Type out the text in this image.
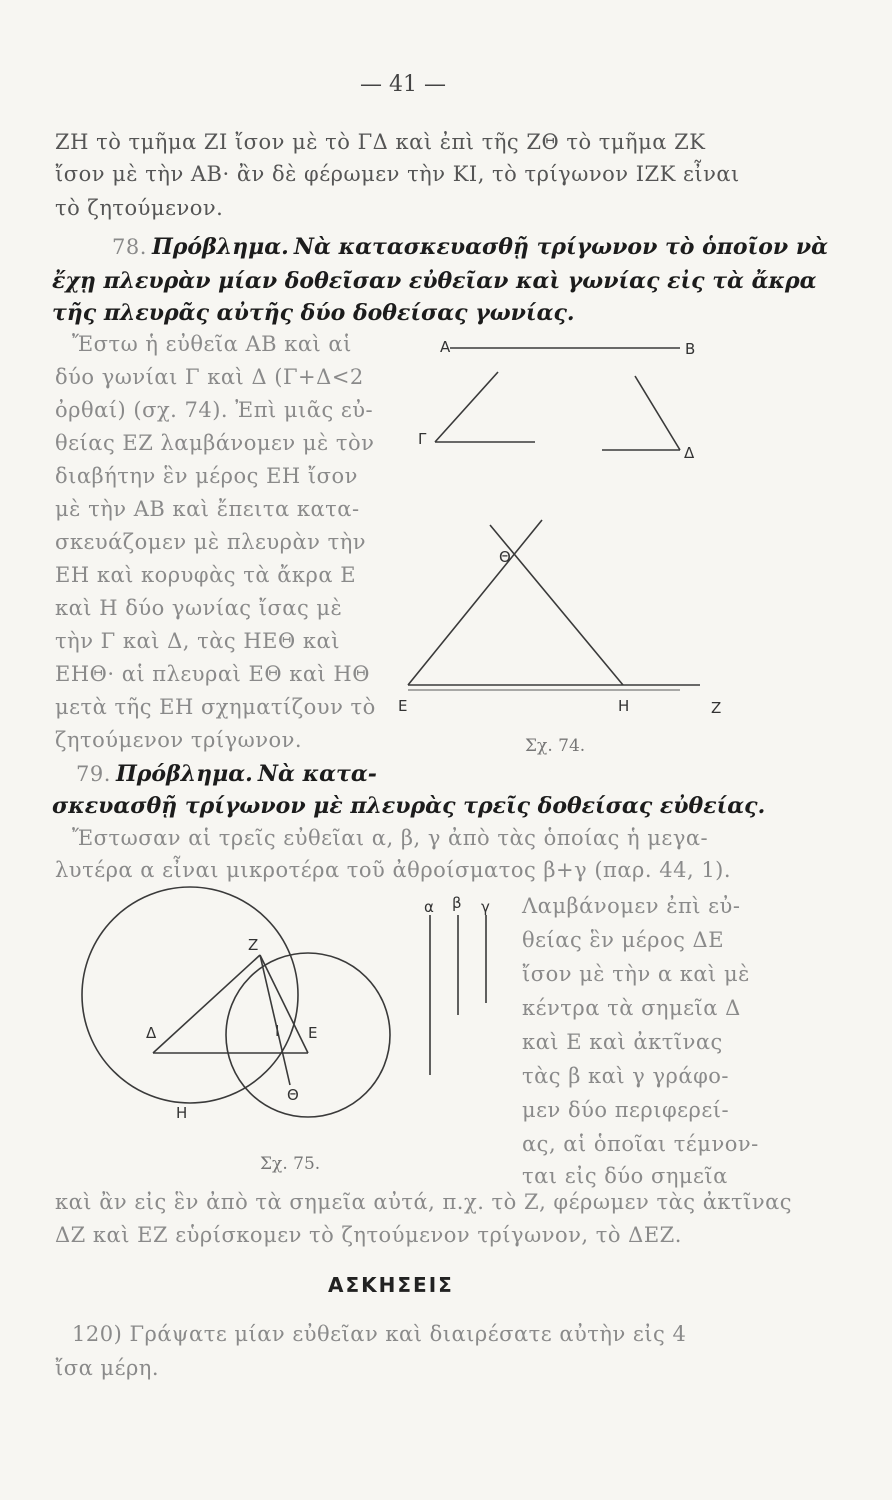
— 41 —
ΖΗ τὸ τμῆμα ΖΙ ἴσον μὲ τὸ ΓΔ καὶ ἐπὶ τῆς ΖΘ τὸ τμῆμα ΖΚ
ἴσον μὲ τὴν ΑΒ· ἂν δὲ φέρωμεν τὴν ΚΙ, τὸ τρίγωνον ΙΖΚ εἶναι
τὸ ζητούμενον.
78. Πρόβλημα. Νὰ κατασκευασθῇ τρίγωνον τὸ ὁποῖον νὰ
ἔχῃ πλευρὰν μίαν δοθεῖσαν εὐθεῖαν καὶ γωνίας εἰς τὰ ἄκρα
τῆς πλευρᾶς αὐτῆς δύο δοθείσας γωνίας.
Ἔστω ἡ εὐθεῖα ΑΒ καὶ αἱ
δύο γωνίαι Γ καὶ Δ (Γ+Δ<2
ὀρθαί) (σχ. 74). Ἐπὶ μιᾶς εὐ-
θείας ΕΖ λαμβάνομεν μὲ τὸν
διαβήτην ἓν μέρος ΕΗ ἴσον
μὲ τὴν ΑΒ καὶ ἔπειτα κατα-
σκευάζομεν μὲ πλευρὰν τὴν
ΕΗ καὶ κορυφὰς τὰ ἄκρα Ε
καὶ Η δύο γωνίας ἴσας μὲ
τὴν Γ καὶ Δ, τὰς ΗΕΘ καὶ
ΕΗΘ· αἱ πλευραὶ ΕΘ καὶ ΗΘ
μετὰ τῆς ΕΗ σχηματίζουν τὸ
ζητούμενον τρίγωνον.
A	B
Γ
Δ
Θ
E	H	Z
Σχ. 74.
79. Πρόβλημα. Νὰ κατα-
σκευασθῇ τρίγωνον μὲ πλευρὰς τρεῖς δοθείσας εὐθείας.
Ἔστωσαν αἱ τρεῖς εὐθεῖαι α, β, γ ἀπὸ τὰς ὁποίας ἡ μεγα-
λυτέρα α εἶναι μικροτέρα τοῦ ἀθροίσματος β+γ (παρ. 44, 1).
Z
Δ	I E
Θ
H
α β γ
Σχ. 75.
Λαμβάνομεν ἐπὶ εὐ-
θείας ἓν μέρος ΔΕ
ἴσον μὲ τὴν α καὶ μὲ
κέντρα τὰ σημεῖα Δ
καὶ Ε καὶ ἀκτῖνας
τὰς β καὶ γ γράφο-
μεν δύο περιφερεί-
ας, αἱ ὁποῖαι τέμνον-
ται εἰς δύο σημεῖα
καὶ ἂν εἰς ἓν ἀπὸ τὰ σημεῖα αὐτά, π.χ. τὸ Ζ, φέρωμεν τὰς ἀκτῖνας
ΔΖ καὶ ΕΖ εὑρίσκομεν τὸ ζητούμενον τρίγωνον, τὸ ΔΕΖ.
ΑΣΚΗΣΕΙΣ
120) Γράψατε μίαν εὐθεῖαν καὶ διαιρέσατε αὐτὴν εἰς 4
ἴσα μέρη.
